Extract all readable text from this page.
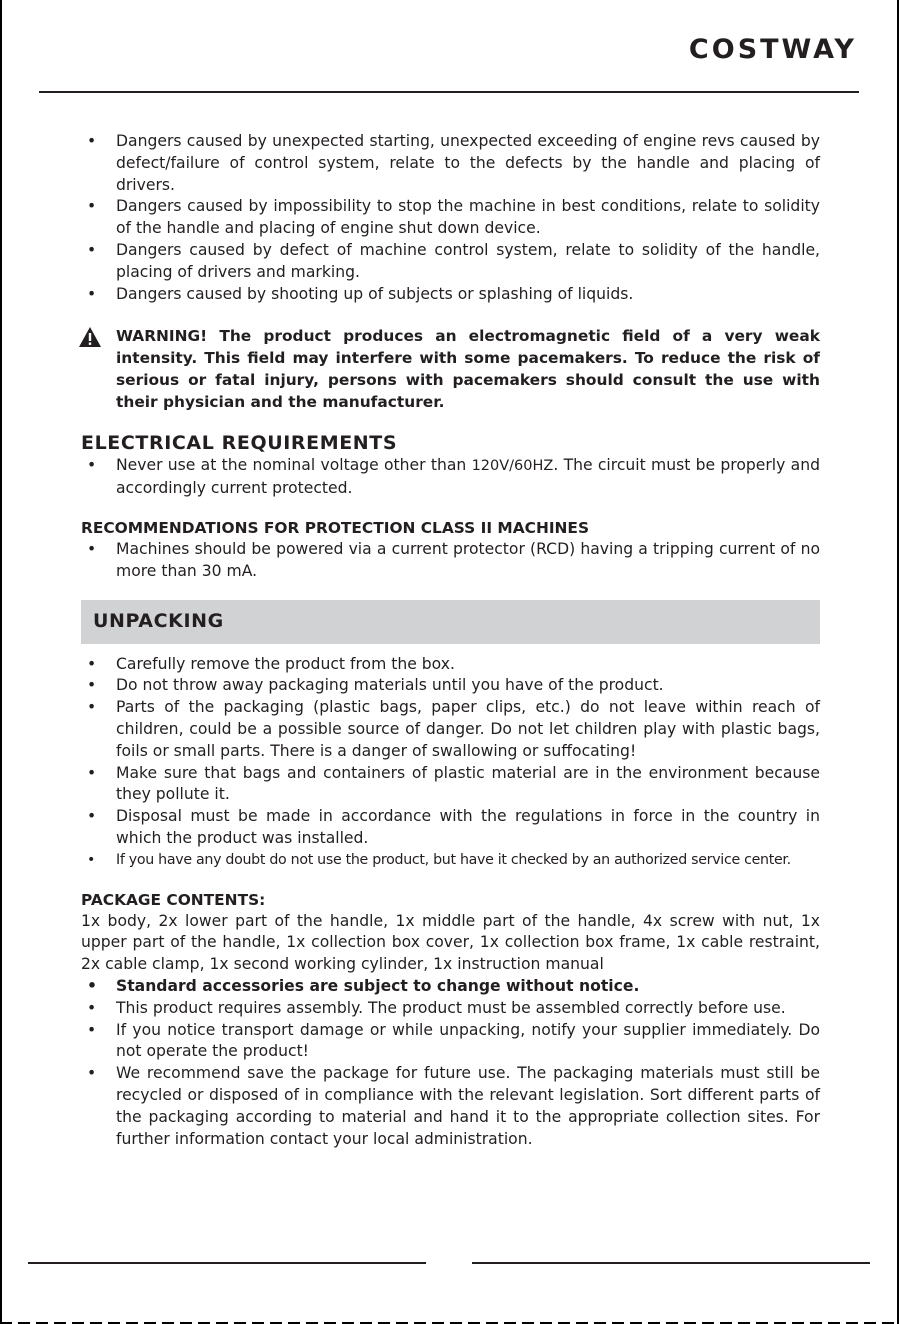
COSTWAY
• Dangers caused by unexpected starting, unexpected exceeding of engine revs caused by defect/failure of control system, relate to the defects by the handle and placing of drivers.
• Dangers caused by impossibility to stop the machine in best conditions, relate to solidity of the handle and placing of engine shut down device.
• Dangers caused by defect of machine control system, relate to solidity of the handle, placing of drivers and marking.
• Dangers caused by shooting up of subjects or splashing of liquids.
WARNING! The product produces an electromagnetic field of a very weak intensity. This field may interfere with some pacemakers. To reduce the risk of serious or fatal injury, persons with pacemakers should consult the use with their physician and the manufacturer.
ELECTRICAL REQUIREMENTS
• Never use at the nominal voltage other than 120V/60HZ. The circuit must be properly and accordingly current protected.
RECOMMENDATIONS FOR PROTECTION CLASS II MACHINES
• Machines should be powered via a current protector (RCD) having a tripping current of no more than 30 mA.
UNPACKING
• Carefully remove the product from the box.
• Do not throw away packaging materials until you have of the product.
• Parts of the packaging (plastic bags, paper clips, etc.) do not leave within reach of children, could be a possible source of danger. Do not let children play with plastic bags, foils or small parts. There is a danger of swallowing or suffocating!
• Make sure that bags and containers of plastic material are in the environment because they pollute it.
• Disposal must be made in accordance with the regulations in force in the country in which the product was installed.
• If you have any doubt do not use the product, but have it checked by an authorized service center.
PACKAGE CONTENTS:
1x body, 2x lower part of the handle, 1x middle part of the handle, 4x screw with nut, 1x upper part of the handle, 1x collection box cover, 1x collection box frame, 1x cable restraint, 2x cable clamp, 1x second working cylinder, 1x instruction manual
• Standard accessories are subject to change without notice.
• This product requires assembly. The product must be assembled correctly before use.
• If you notice transport damage or while unpacking, notify your supplier immediately. Do not operate the product!
• We recommend save the package for future use. The packaging materials must still be recycled or disposed of in compliance with the relevant legislation. Sort different parts of the packaging according to material and hand it to the appropriate collection sites. For further information contact your local administration.
